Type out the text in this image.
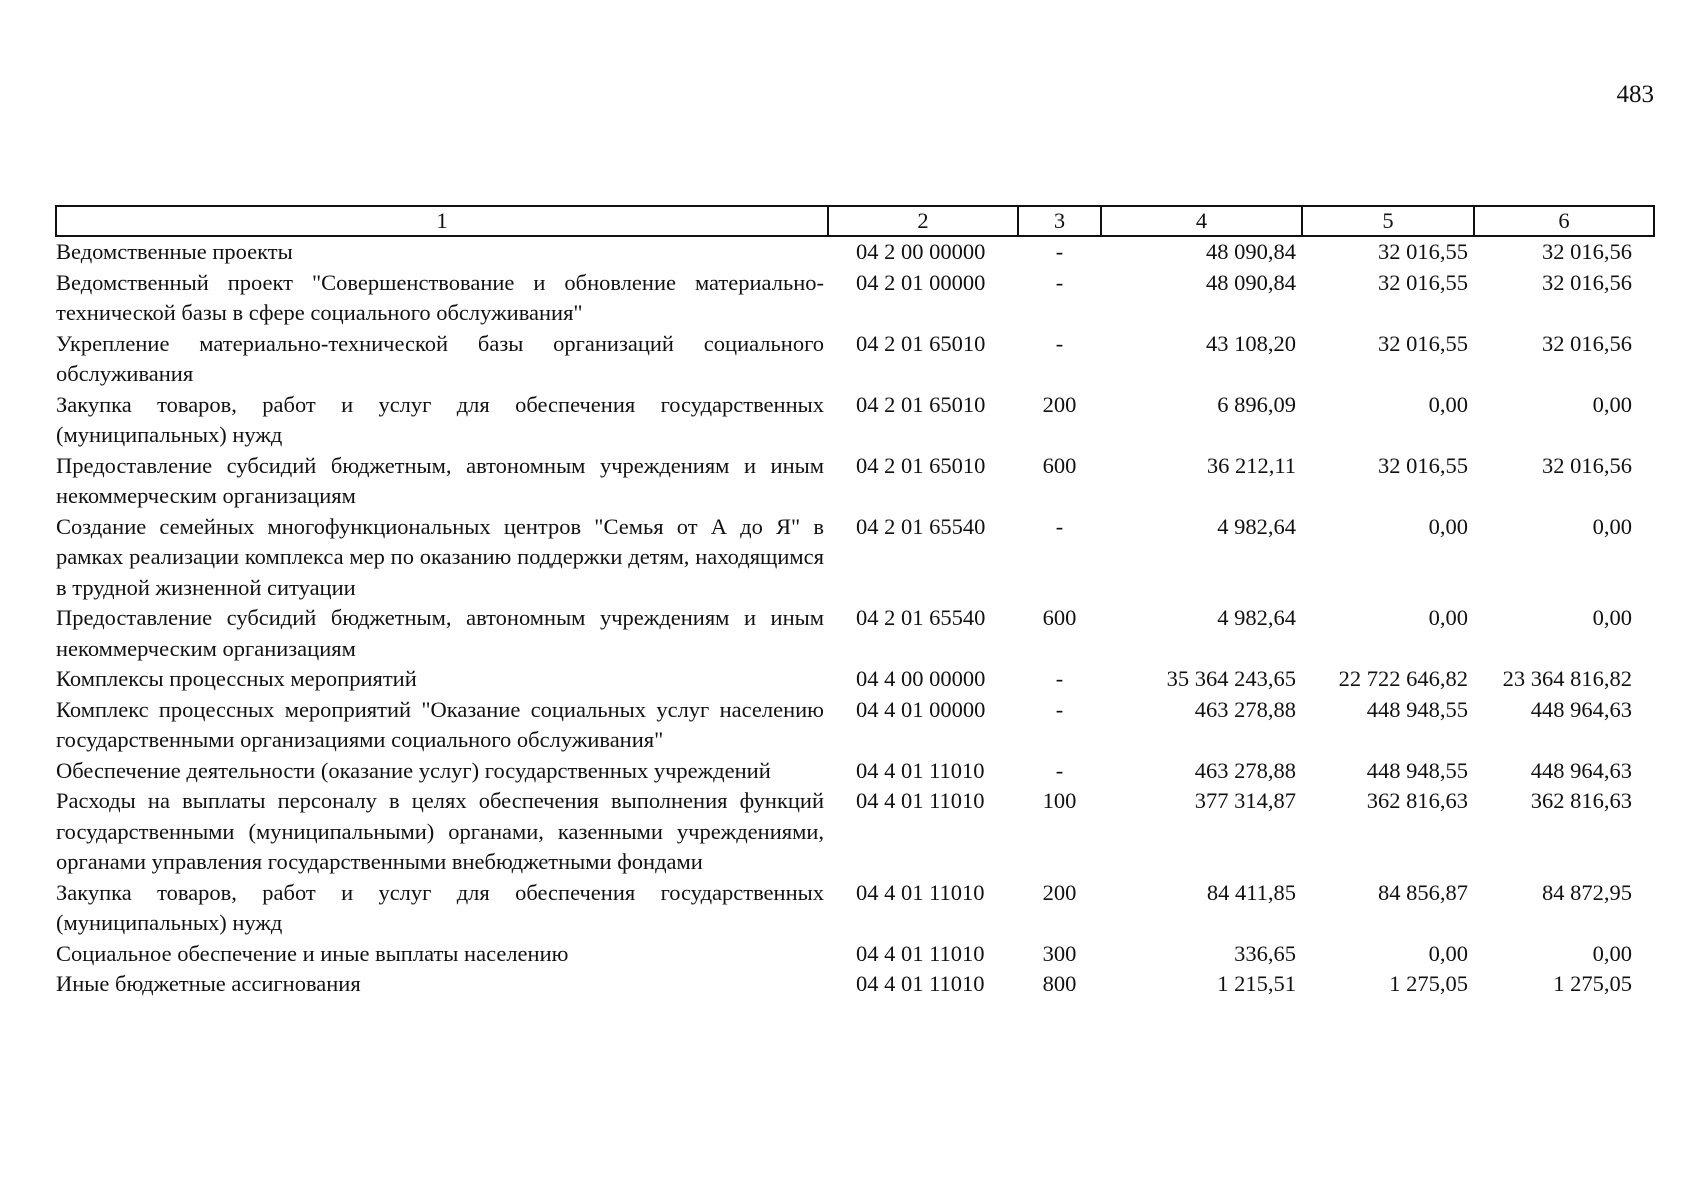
483
1	2	3	4	5	6
Ведомственные проекты	04 2 00 00000	-	48 090,84	32 016,55	32 016,56
Ведомственный проект "Совершенствование и обновление материально-технической базы в сфере социального обслуживания"	04 2 01 00000	-	48 090,84	32 016,55	32 016,56
Укрепление материально-технической базы организаций социального обслуживания	04 2 01 65010	-	43 108,20	32 016,55	32 016,56
Закупка товаров, работ и услуг для обеспечения государственных (муниципальных) нужд	04 2 01 65010	200	6 896,09	0,00	0,00
Предоставление субсидий бюджетным, автономным учреждениям и иным некоммерческим организациям	04 2 01 65010	600	36 212,11	32 016,55	32 016,56
Создание семейных многофункциональных центров "Семья от А до Я" в рамках реализации комплекса мер по оказанию поддержки детям, находящимся в трудной жизненной ситуации	04 2 01 65540	-	4 982,64	0,00	0,00
Предоставление субсидий бюджетным, автономным учреждениям и иным некоммерческим организациям	04 2 01 65540	600	4 982,64	0,00	0,00
Комплексы процессных мероприятий	04 4 00 00000	-	35 364 243,65	22 722 646,82	23 364 816,82
Комплекс процессных мероприятий "Оказание социальных услуг населению государственными организациями социального обслуживания"	04 4 01 00000	-	463 278,88	448 948,55	448 964,63
Обеспечение деятельности (оказание услуг) государственных учреждений	04 4 01 11010	-	463 278,88	448 948,55	448 964,63
Расходы на выплаты персоналу в целях обеспечения выполнения функций государственными (муниципальными) органами, казенными учреждениями, органами управления государственными внебюджетными фондами	04 4 01 11010	100	377 314,87	362 816,63	362 816,63
Закупка товаров, работ и услуг для обеспечения государственных (муниципальных) нужд	04 4 01 11010	200	84 411,85	84 856,87	84 872,95
Социальное обеспечение и иные выплаты населению	04 4 01 11010	300	336,65	0,00	0,00
Иные бюджетные ассигнования	04 4 01 11010	800	1 215,51	1 275,05	1 275,05
